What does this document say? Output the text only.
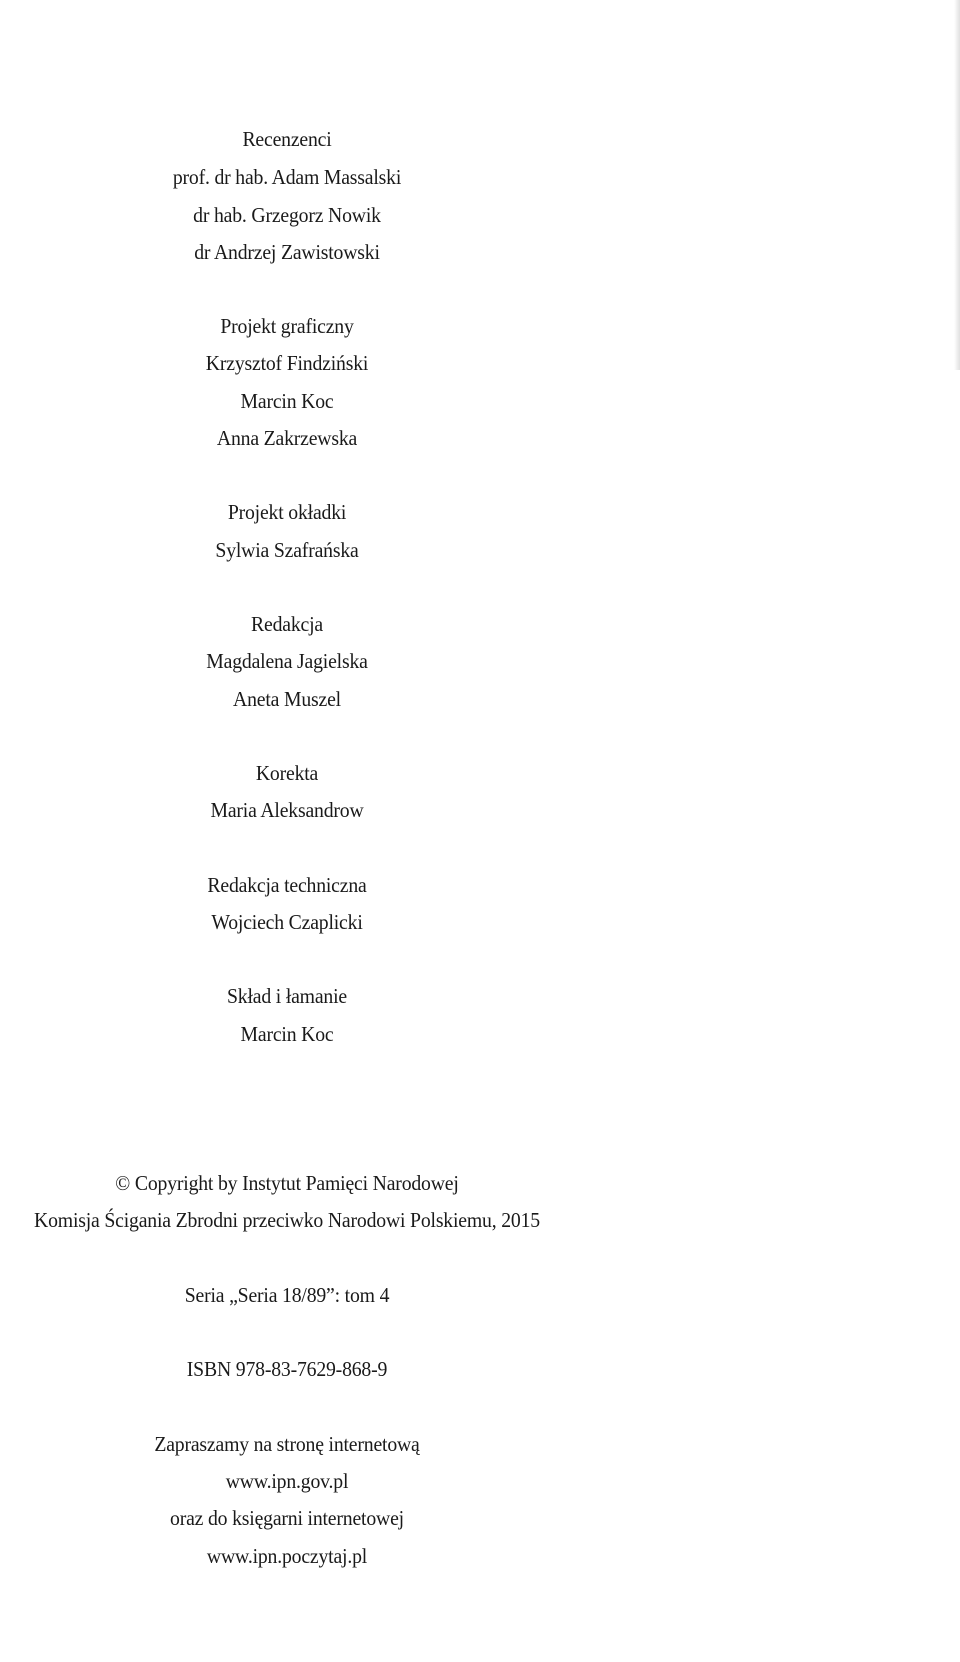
Recenzenci
prof. dr hab. Adam Massalski
dr hab. Grzegorz Nowik
dr Andrzej Zawistowski
Projekt graficzny
Krzysztof Findziński
Marcin Koc
Anna Zakrzewska
Projekt okładki
Sylwia Szafrańska
Redakcja
Magdalena Jagielska
Aneta Muszel
Korekta
Maria Aleksandrow
Redakcja techniczna
Wojciech Czaplicki
Skład i łamanie
Marcin Koc
© Copyright by Instytut Pamięci Narodowej
Komisja Ścigania Zbrodni przeciwko Narodowi Polskiemu, 2015
Seria „Seria 18/89”: tom 4
ISBN 978-83-7629-868-9
Zapraszamy na stronę internetową
www.ipn.gov.pl
oraz do księgarni internetowej
www.ipn.poczytaj.pl
